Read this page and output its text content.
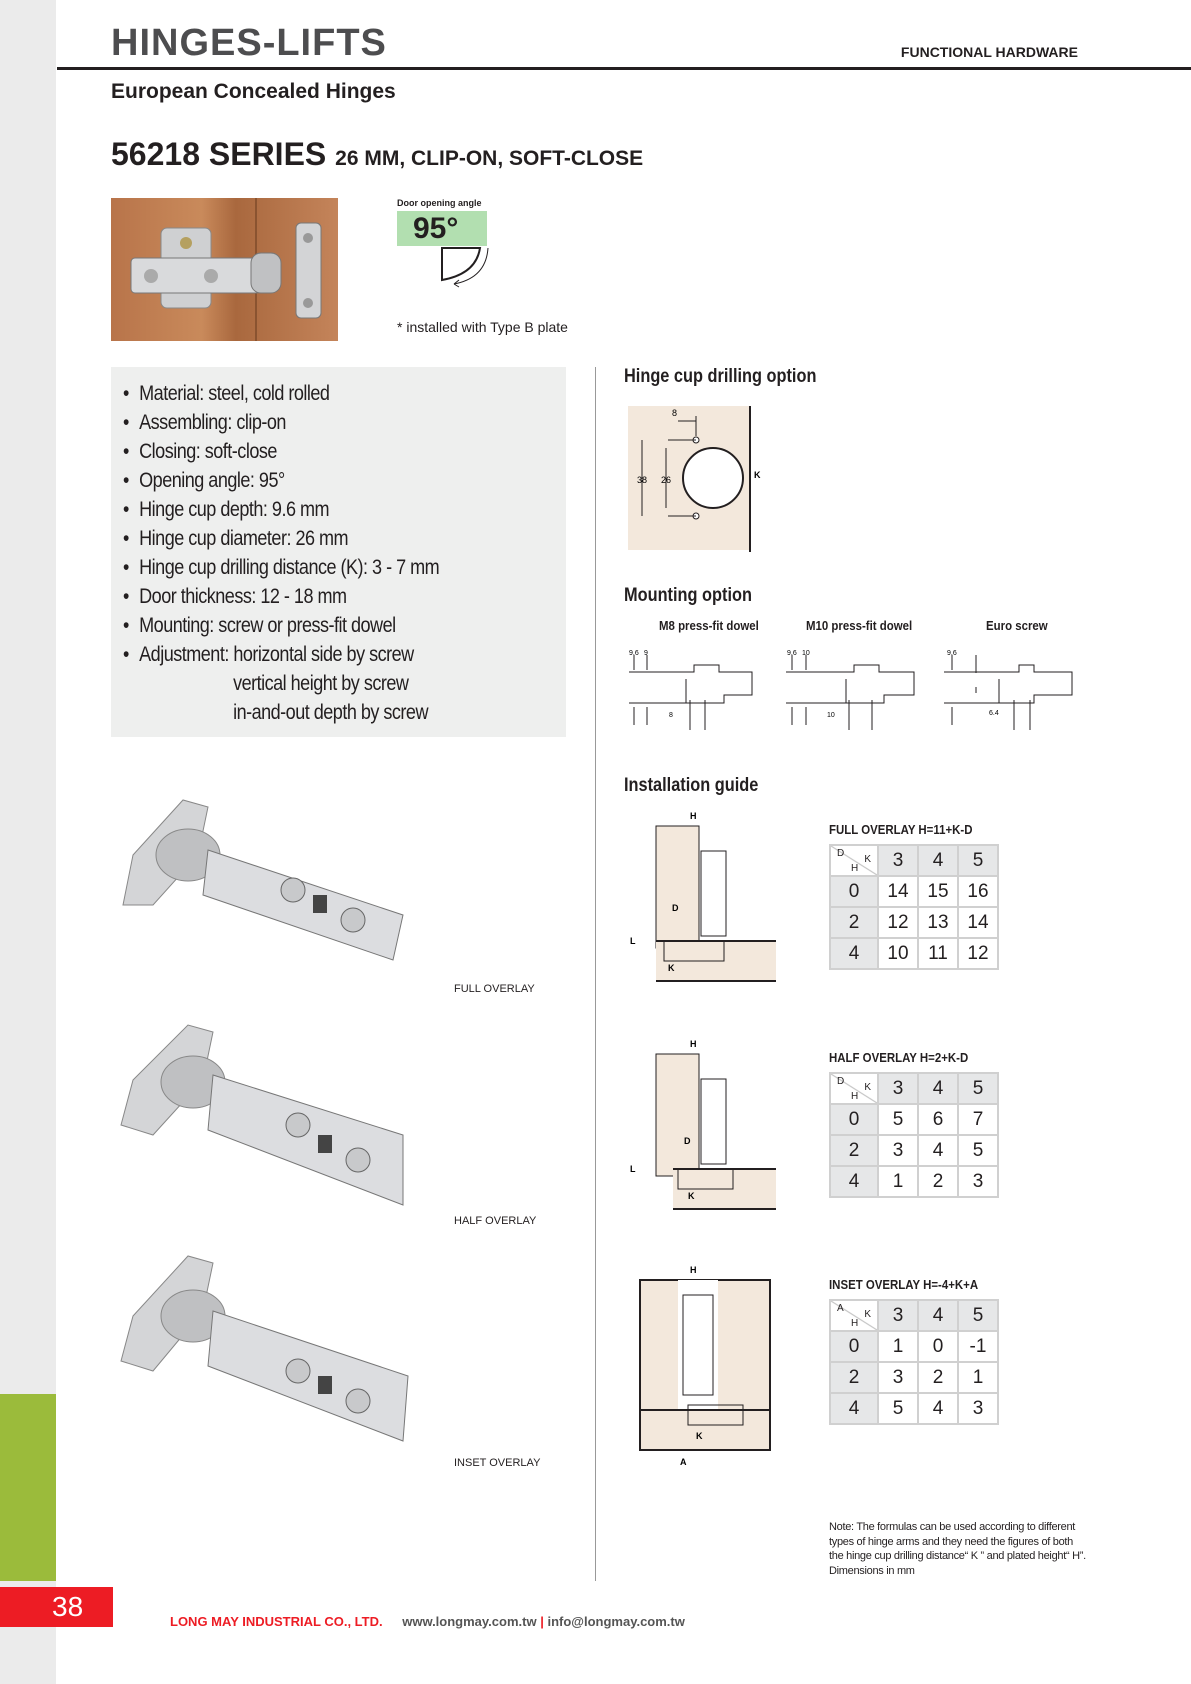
38
HINGES-LIFTS	FUNCTIONAL HARDWARE
European Concealed Hinges
56218 SERIES 26 MM, CLIP-ON, SOFT-CLOSE
Door opening angle
95°
* installed with Type B plate
• Material: steel, cold rolled
• Assembling: clip-on
• Closing: soft-close
• Opening angle: 95°
• Hinge cup depth: 9.6 mm
• Hinge cup diameter: 26 mm
• Hinge cup drilling distance (K): 3 - 7 mm
• Door thickness: 12 - 18 mm
• Mounting: screw or press-fit dowel
• Adjustment: horizontal side by screw
vertical height by screw
in-and-out depth by screw
FULL OVERLAY
HALF OVERLAY
INSET OVERLAY
Hinge cup drilling option
8
38 26	K
Mounting option
M8 press-fit dowel	M10 press-fit dowel	Euro screw
9.6 9
8
9.6 10
10
9.6
6.4
Installation guide
H
D
L
K
H
D
L
K
H
K
A
FULL OVERLAY H=11+K-D
D
K
H	3	4	5
0	14	15	16
2	12	13	14
4	10	11	12
HALF OVERLAY H=2+K-D
D
K
H	3	4	5
0	5	6	7
2	3	4	5
4	1	2	3
INSET OVERLAY H=-4+K+A
A
K
H	3	4	5
0	1	0	-1
2	3	2	1
4	5	4	3
Note: The formulas can be used according to different types of hinge arms and they need the figures of both the hinge cup drilling distance“ K ” and plated height“ H”. Dimensions in mm
LONG MAY INDUSTRIAL CO., LTD. www.longmay.com.tw | info@longmay.com.tw
